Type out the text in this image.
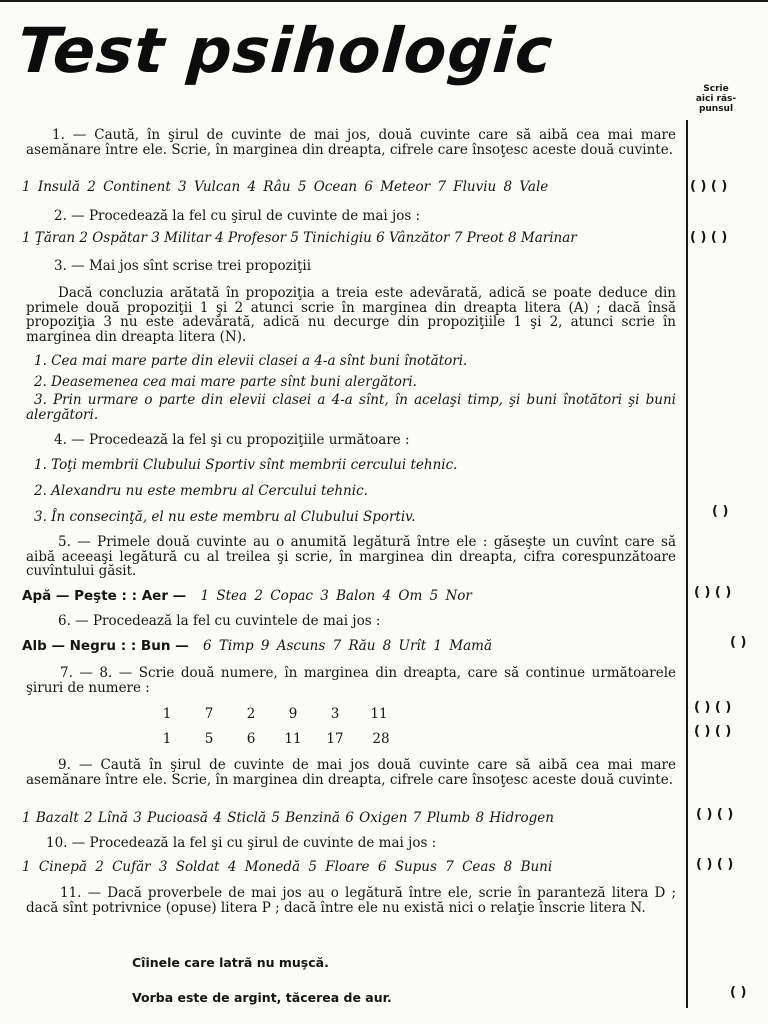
Test psihologic
Scrie
aici răs-
punsul

1. — Caută, în şirul de cuvinte de mai jos, două cuvinte care să aibă cea mai mare asemănare între ele. Scrie, în marginea din dreapta, cifrele care însoţesc aceste două cuvinte.

1 Insulă 2 Continent 3 Vulcan 4 Râu 5 Ocean 6 Meteor 7 Fluviu 8 Vale	( ) ( )
2. — Procedează la fel cu şirul de cuvinte de mai jos :
1 Ţăran 2 Ospătar 3 Militar 4 Profesor 5 Tinichigiu 6 Vânzător 7 Preot 8 Marinar	( ) ( )
3. — Mai jos sînt scrise trei propoziţii

Dacă concluzia arătată în propoziţia a treia este adevărată, adică se poate deduce din primele două propoziţii 1 şi 2 atunci scrie în marginea din dreapta litera (A) ; dacă însă propoziţia 3 nu este adevărată, adică nu decurge din propoziţiile 1 şi 2, atunci scrie în marginea din dreapta litera (N).

1. Cea mai mare parte din elevii clasei a 4-a sînt buni înotători.
2. Deasemenea cea mai mare parte sînt buni alergători.

3. Prin urmare o parte din elevii clasei a 4-a sînt, în acelaşi timp, şi buni înotători şi buni alergători.

4. — Procedează la fel şi cu propoziţiile următoare :
1. Toţi membrii Clubului Sportiv sînt membrii cercului tehnic.
2. Alexandru nu este membru al Cercului tehnic.
3. În consecinţă, el nu este membru al Clubului Sportiv.	( )

5. — Primele două cuvinte au o anumită legătură între ele : găseşte un cuvînt care să aibă aceeaşi legătură cu al treilea şi scrie, în marginea din dreapta, cifra corespunzătoare cuvîntului găsit.

Apă — Peşte : : Aer — 1 Stea 2 Copac 3 Balon 4 Om 5 Nor	( ) ( )
6. — Procedează la fel cu cuvintele de mai jos :
Alb — Negru : : Bun — 6 Timp 9 Ascuns 7 Rău 8 Urît 1 Mamă	( )

7. — 8. — Scrie două numere, în marginea din dreapta, care să continue următoarele şiruri de numere :

1	7	2	9	3	11
1	5	6	11	17	28
( ) ( )
( ) ( )

9. — Caută în şirul de cuvinte de mai jos două cuvinte care să aibă cea mai mare asemănare între ele. Scrie, în marginea din dreapta, cifrele care însoţesc aceste două cuvinte.

1 Bazalt 2 Lînă 3 Pucioasă 4 Sticlă 5 Benzină 6 Oxigen 7 Plumb 8 Hidrogen	( ) ( )
10. — Procedează la fel şi cu şirul de cuvinte de mai jos :
1 Cinepă 2 Cufăr 3 Soldat 4 Monedă 5 Floare 6 Supus 7 Ceas 8 Buni	( ) ( )

11. — Dacă proverbele de mai jos au o legătură între ele, scrie în paranteză litera D ; dacă sînt potrivnice (opuse) litera P ; dacă între ele nu există nici o relaţie înscrie litera N.

Cîinele care latră nu muşcă.
Vorba este de argint, tăcerea de aur.	( )
